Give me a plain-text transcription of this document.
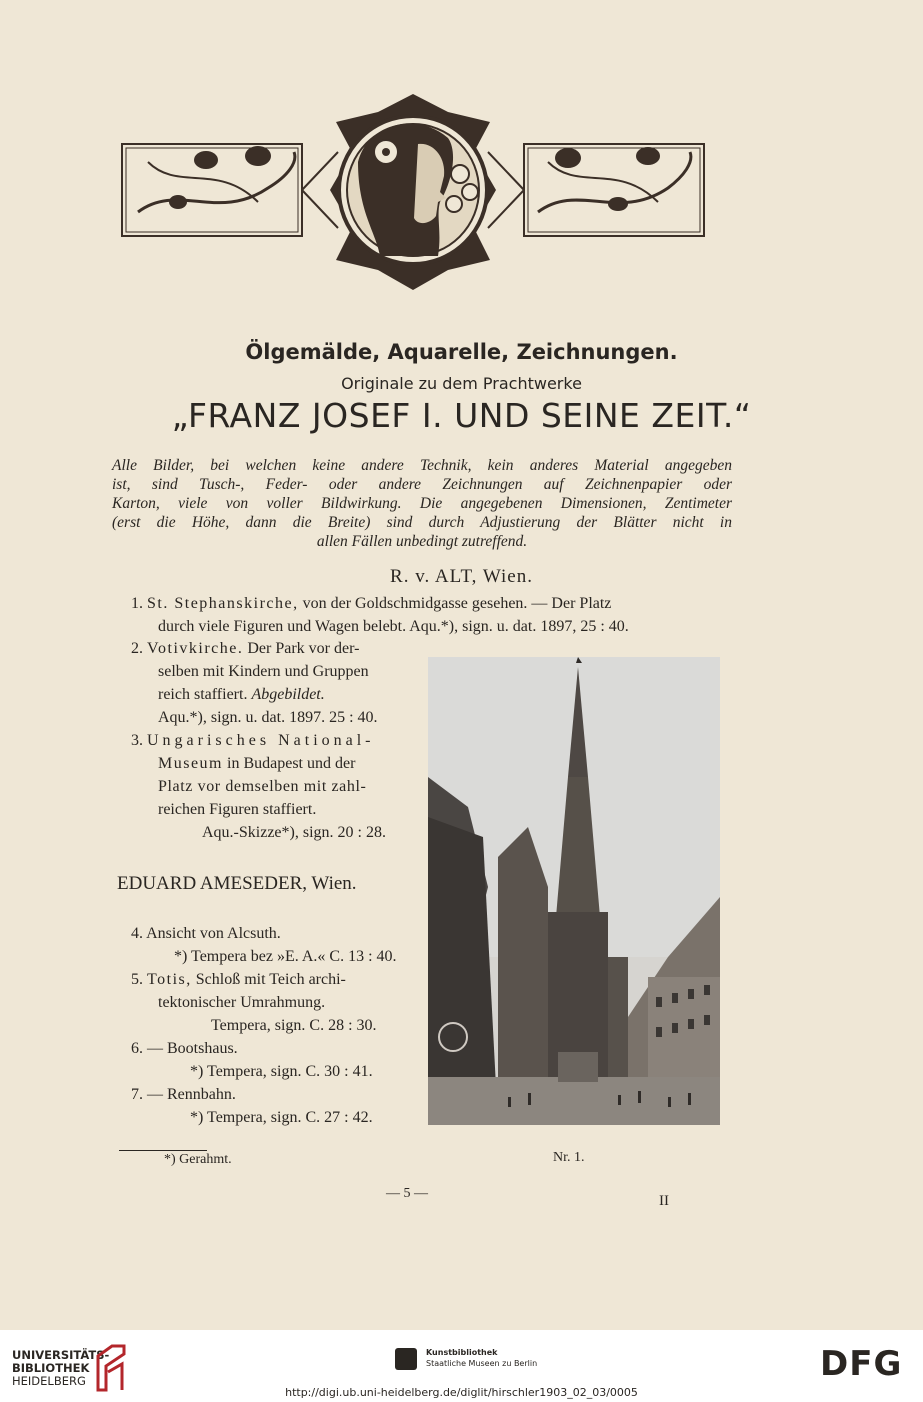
Ölgemälde, Aquarelle, Zeichnungen.
Originale zu dem Prachtwerke
„FRANZ JOSEF I. UND SEINE ZEIT.“
Alle Bilder, bei welchen keine andere Technik, kein anderes Material angegeben
ist, sind Tusch-, Feder- oder andere Zeichnungen auf Zeichnenpapier oder
Karton, viele von voller Bildwirkung. Die angegebenen Dimensionen, Zentimeter
(erst die Höhe, dann die Breite) sind durch Adjustierung der Blätter nicht in
allen Fällen unbedingt zutreffend.
R. v. ALT, Wien.
1. St. Stephanskirche, von der Goldschmidgasse gesehen. — Der Platz
durch viele Figuren und Wagen belebt. Aqu.*), sign. u. dat. 1897, 25 : 40.
2. Votivkirche. Der Park vor der-
selben mit Kindern und Gruppen
reich staffiert. Abgebildet.
Aqu.*), sign. u. dat. 1897. 25 : 40.
3. Ungarisches National-
Museum in Budapest und der
Platz vor demselben mit zahl-
reichen Figuren staffiert.
Aqu.-Skizze*), sign. 20 : 28.
EDUARD AMESEDER, Wien.
4. Ansicht von Alcsuth.
*) Tempera bez »E. A.« C. 13 : 40.
5. Totis, Schloß mit Teich archi-
tektonischer Umrahmung.
Tempera, sign. C. 28 : 30.
6. — Bootshaus.
*) Tempera, sign. C. 30 : 41.
7. — Rennbahn.
*) Tempera, sign. C. 27 : 42.
*) Gerahmt.	Nr. 1.
— 5 —	II
UNIVERSITÄTS-
BIBLIOTHEK
HEIDELBERG
Kunstbibliothek
Staatliche Museen zu Berlin	DFG
http://digi.ub.uni-heidelberg.de/diglit/hirschler1903_02_03/0005
